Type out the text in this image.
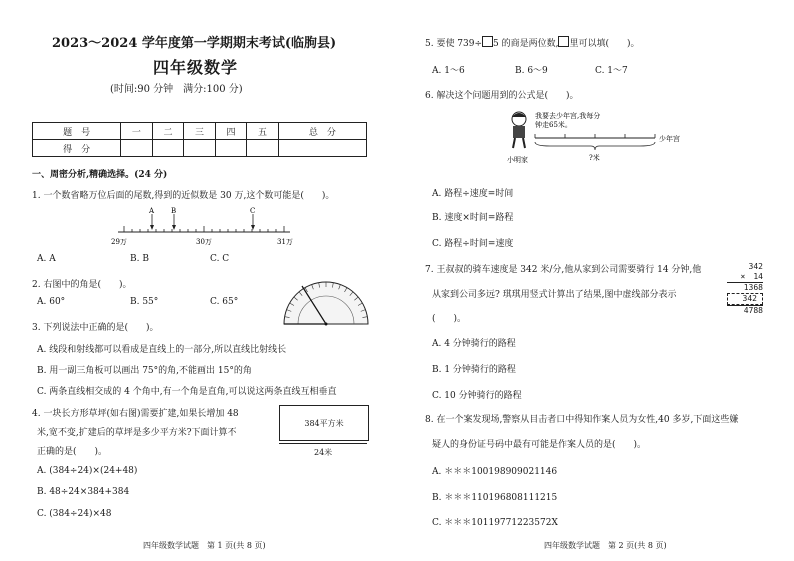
2023～2024 学年度第一学期期末考试(临朐县)
四年级数学
(时间:90 分钟　满分:100 分)
题　号	一	二	三	四	五	总　分
得　分						
一、周密分析,精确选择。(24 分)
1. 一个数省略万位后面的尾数,得到的近似数是 30 万,这个数可能是(　　)。
A B	C
29万	30万	31万
A. A	B. B	C. C
2. 右图中的角是(　　)。
A. 60°	B. 55°	C. 65°
3. 下列说法中正确的是(　　)。
A. 线段和射线都可以看成是直线上的一部分,所以直线比射线长
B. 用一副三角板可以画出 75°的角,不能画出 15°的角
C. 两条直线相交成的 4 个角中,有一个角是直角,可以说这两条直线互相垂直
4. 一块长方形草坪(如右图)需要扩建,如果长增加 48
米,宽不变,扩建后的草坪是多少平方米?下面计算不
正确的是(　　)。
384平方米
24米
A. (384÷24)×(24+48)
B. 48÷24×384+384
C. (384÷24)×48
四年级数学试题　第 1 页(共 8 页)
5. 要使 739÷ 5 的商是两位数, 里可以填(　　)。
A. 1～6	B. 6～9	C. 1～7
6. 解决这个问题用到的公式是(　　)。
我要去少年宫,我每分
钟走65米。
小明家
少年宫
?米
A. 路程÷速度=时间
B. 速度×时间=路程
C. 路程÷时间=速度
7. 王叔叔的骑车速度是 342 米/分,他从家到公司需要骑行 14 分钟,他
从家到公司多远? 琪琪用竖式计算出了结果,图中虚线部分表示
(　　)。
342
×　14
1368
342
4788
A. 4 分钟骑行的路程
B. 1 分钟骑行的路程
C. 10 分钟骑行的路程
8. 在一个案发现场,警察从目击者口中得知作案人员为女性,40 多岁,下面这些嫌
疑人的身份证号码中最有可能是作案人员的是(　　)。
A. ＊＊＊100198909021146
B. ＊＊＊110196808111215
C. ＊＊＊10119771223572X
四年级数学试题　第 2 页(共 8 页)
